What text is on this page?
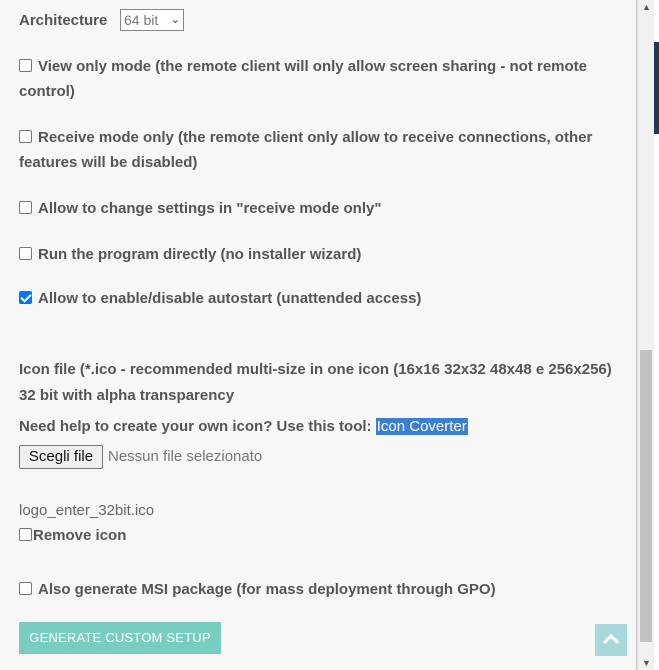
Architecture 64 bit ⌄
View only mode (the remote client will only allow screen sharing - not remote control)
Receive mode only (the remote client only allow to receive connections, other features will be disabled)
Allow to change settings in "receive mode only"
Run the program directly (no installer wizard)
Allow to enable/disable autostart (unattended access)
Icon file (*.ico - recommended multi-size in one icon (16x16 32x32 48x48 e 256x256) 32 bit with alpha transparency
Need help to create your own icon? Use this tool: Icon Coverter
Scegli file Nessun file selezionato
logo_enter_32bit.ico
Remove icon
Also generate MSI package (for mass deployment through GPO)
GENERATE CUSTOM SETUP
▲
▼
